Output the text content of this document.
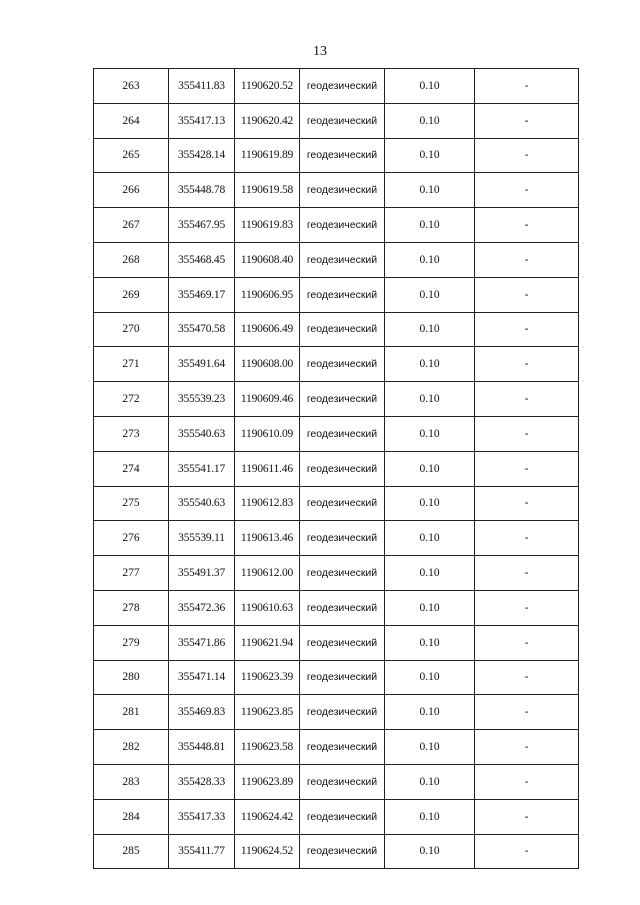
13
263	355411.83	1190620.52	геодезический	0.10	-
264	355417.13	1190620.42	геодезический	0.10	-
265	355428.14	1190619.89	геодезический	0.10	-
266	355448.78	1190619.58	геодезический	0.10	-
267	355467.95	1190619.83	геодезический	0.10	-
268	355468.45	1190608.40	геодезический	0.10	-
269	355469.17	1190606.95	геодезический	0.10	-
270	355470.58	1190606.49	геодезический	0.10	-
271	355491.64	1190608.00	геодезический	0.10	-
272	355539.23	1190609.46	геодезический	0.10	-
273	355540.63	1190610.09	геодезический	0.10	-
274	355541.17	1190611.46	геодезический	0.10	-
275	355540.63	1190612.83	геодезический	0.10	-
276	355539.11	1190613.46	геодезический	0.10	-
277	355491.37	1190612.00	геодезический	0.10	-
278	355472.36	1190610.63	геодезический	0.10	-
279	355471.86	1190621.94	геодезический	0.10	-
280	355471.14	1190623.39	геодезический	0.10	-
281	355469.83	1190623.85	геодезический	0.10	-
282	355448.81	1190623.58	геодезический	0.10	-
283	355428.33	1190623.89	геодезический	0.10	-
284	355417.33	1190624.42	геодезический	0.10	-
285	355411.77	1190624.52	геодезический	0.10	-
